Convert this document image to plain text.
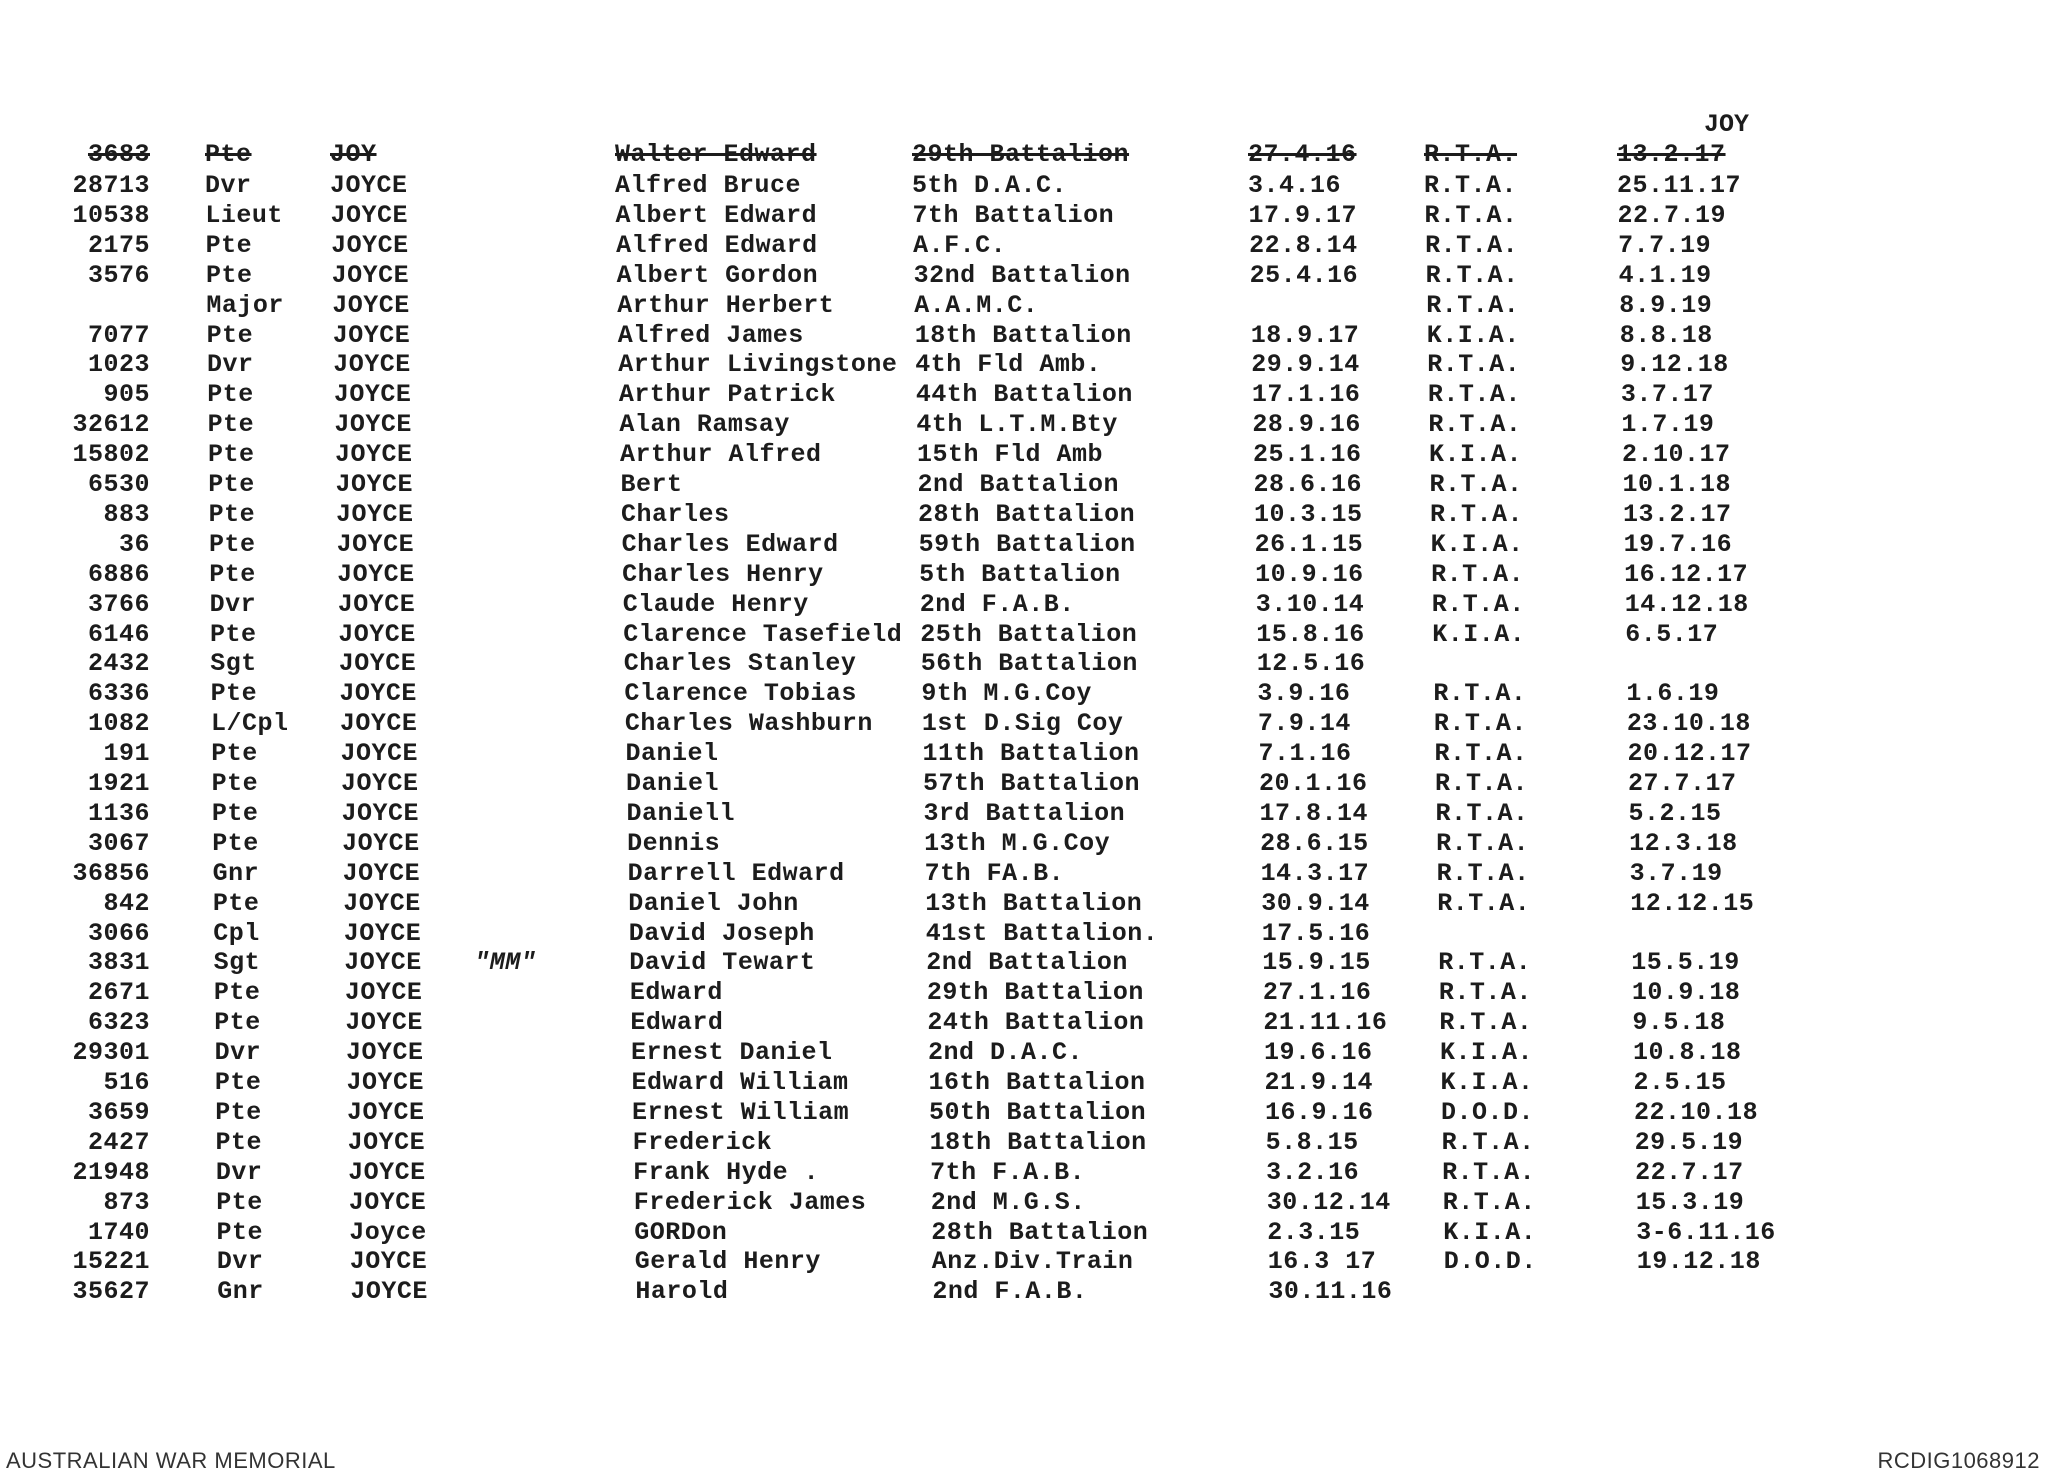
JOY
3683 Pte	JOY	Walter Edward	29th Battalion	27.4.16	R.T.A.	13.2.17
28713 Dvr	JOYCE	Alfred Bruce	5th D.A.C.	3.4.16	R.T.A.	25.11.17
10538 Lieut JOYCE	Albert Edward	7th Battalion	17.9.17	R.T.A.	22.7.19
2175 Pte	JOYCE	Alfred Edward	A.F.C.	22.8.14	R.T.A.	7.7.19
3576 Pte	JOYCE	Albert Gordon	32nd Battalion	25.4.16	R.T.A.	4.1.19
Major JOYCE	Arthur Herbert	A.A.M.C.	R.T.A.	8.9.19
7077 Pte	JOYCE	Alfred James	18th Battalion	18.9.17	K.I.A.	8.8.18
1023 Dvr	JOYCE	Arthur Livingstone 4th Fld Amb.	29.9.14	R.T.A.	9.12.18
905 Pte	JOYCE	Arthur Patrick	44th Battalion	17.1.16	R.T.A.	3.7.17
32612 Pte	JOYCE	Alan Ramsay	4th L.T.M.Bty	28.9.16	R.T.A.	1.7.19
15802 Pte	JOYCE	Arthur Alfred	15th Fld Amb	25.1.16	K.I.A.	2.10.17
6530 Pte	JOYCE	Bert	2nd Battalion	28.6.16	R.T.A.	10.1.18
883 Pte	JOYCE	Charles	28th Battalion	10.3.15	R.T.A.	13.2.17
36 Pte	JOYCE	Charles Edward	59th Battalion	26.1.15	K.I.A.	19.7.16
6886 Pte	JOYCE	Charles Henry	5th Battalion	10.9.16	R.T.A.	16.12.17
3766 Dvr	JOYCE	Claude Henry	2nd F.A.B.	3.10.14	R.T.A.	14.12.18
6146 Pte	JOYCE	Clarence Tasefield 25th Battalion	15.8.16	K.I.A.	6.5.17
2432 Sgt	JOYCE	Charles Stanley	56th Battalion	12.5.16
6336 Pte	JOYCE	Clarence Tobias	9th M.G.Coy	3.9.16	R.T.A.	1.6.19
1082 L/Cpl JOYCE	Charles Washburn 1st D.Sig Coy	7.9.14	R.T.A.	23.10.18
191 Pte	JOYCE	Daniel	11th Battalion	7.1.16	R.T.A.	20.12.17
1921 Pte	JOYCE	Daniel	57th Battalion	20.1.16	R.T.A.	27.7.17
1136 Pte	JOYCE	Daniell	3rd Battalion	17.8.14	R.T.A.	5.2.15
3067 Pte	JOYCE	Dennis	13th M.G.Coy	28.6.15	R.T.A.	12.3.18
36856	Gnr	JOYCE	Darrell Edward	7th FA.B.	14.3.17	R.T.A.	3.7.19
842	Pte	JOYCE	Daniel John	13th Battalion	30.9.14	R.T.A.	12.12.15
3066	Cpl	JOYCE	David Joseph	41st Battalion.	17.5.16
3831	Sgt	JOYCE "MM"	David Tewart	2nd Battalion	15.9.15	R.T.A.	15.5.19
2671	Pte	JOYCE	Edward	29th Battalion	27.1.16	R.T.A.	10.9.18
6323	Pte	JOYCE	Edward	24th Battalion	21.11.16 R.T.A.	9.5.18
29301	Dvr	JOYCE	Ernest Daniel	2nd D.A.C.	19.6.16	K.I.A.	10.8.18
516	Pte	JOYCE	Edward William	16th Battalion	21.9.14	K.I.A.	2.5.15
3659	Pte	JOYCE	Ernest William	50th Battalion	16.9.16	D.O.D.	22.10.18
2427	Pte	JOYCE	Frederick	18th Battalion	5.8.15	R.T.A.	29.5.19
21948	Dvr	JOYCE	Frank Hyde .	7th F.A.B.	3.2.16	R.T.A.	22.7.17
873	Pte	JOYCE	Frederick James	2nd M.G.S.	30.12.14 R.T.A.	15.3.19
1740	Pte	Joyce	GORDon	28th Battalion	2.3.15	K.I.A.	3-6.11.16
15221	Dvr	JOYCE	Gerald Henry	Anz.Div.Train	16.3 17	D.O.D.	19.12.18
35627	Gnr	JOYCE	Harold	2nd F.A.B.	30.11.16
AUSTRALIAN WAR MEMORIAL	RCDIG1068912
